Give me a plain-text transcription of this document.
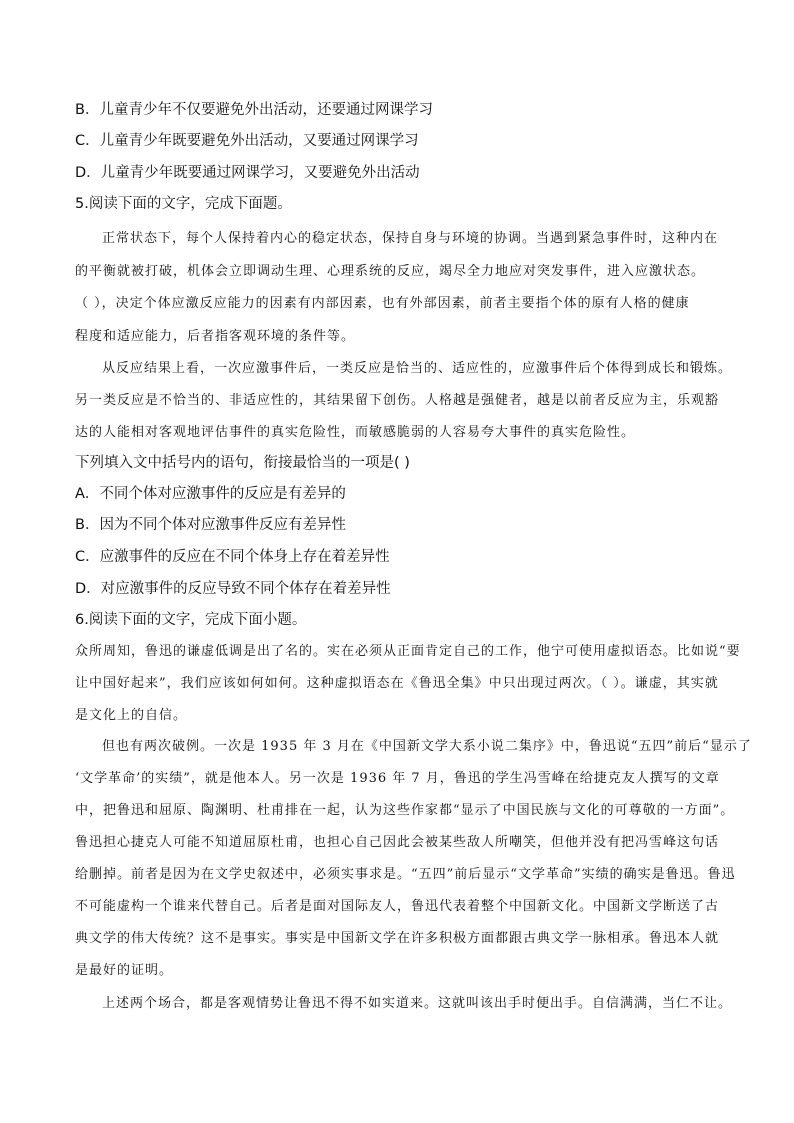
B．儿童青少年不仅要避免外出活动，还要通过网课学习
C．儿童青少年既要避免外出活动，又要通过网课学习
D．儿童青少年既要通过网课学习，又要避免外出活动
5.阅读下面的文字，完成下面题。
正常状态下，每个人保持着内心的稳定状态，保持自身与环境的协调。当遇到紧急事件时，这种内在
的平衡就被打破，机体会立即调动生理、心理系统的反应，竭尽全力地应对突发事件，进入应激状态。
（ ），决定个体应激反应能力的因素有内部因素，也有外部因素，前者主要指个体的原有人格的健康
程度和适应能力，后者指客观环境的条件等。
从反应结果上看，一次应激事件后，一类反应是恰当的、适应性的，应激事件后个体得到成长和锻炼。
另一类反应是不恰当的、非适应性的，其结果留下创伤。人格越是强健者，越是以前者反应为主，乐观豁
达的人能相对客观地评估事件的真实危险性，而敏感脆弱的人容易夸大事件的真实危险性。
下列填入文中括号内的语句，衔接最恰当的一项是( )
A．不同个体对应激事件的反应是有差异的
B．因为不同个体对应激事件反应有差异性
C．应激事件的反应在不同个体身上存在着差异性
D．对应激事件的反应导致不同个体存在着差异性
6.阅读下面的文字，完成下面小题。
众所周知，鲁迅的谦虚低调是出了名的。实在必须从正面肯定自己的工作，他宁可使用虚拟语态。比如说“要
让中国好起来”，我们应该如何如何。这种虚拟语态在《鲁迅全集》中只出现过两次。（ ）。谦虚，其实就
是文化上的自信。
但也有两次破例。一次是 1935 年 3 月在《中国新文学大系小说二集序》中，鲁迅说“五四”前后“显示了
‘文学革命’的实绩”，就是他本人。另一次是 1936 年 7 月，鲁迅的学生冯雪峰在给捷克友人撰写的文章
中，把鲁迅和屈原、陶渊明、杜甫排在一起，认为这些作家都“显示了中国民族与文化的可尊敬的一方面”。
鲁迅担心捷克人可能不知道屈原杜甫，也担心自己因此会被某些敌人所嘲笑，但他并没有把冯雪峰这句话
给删掉。前者是因为在文学史叙述中，必须实事求是。“五四”前后显示“文学革命”实绩的确实是鲁迅。鲁迅
不可能虚构一个谁来代替自己。后者是面对国际友人，鲁迅代表着整个中国新文化。中国新文学断送了古
典文学的伟大传统？这不是事实。事实是中国新文学在许多积极方面都跟古典文学一脉相承。鲁迅本人就
是最好的证明。
上述两个场合，都是客观情势让鲁迅不得不如实道来。这就叫该出手时便出手。自信满满，当仁不让。
